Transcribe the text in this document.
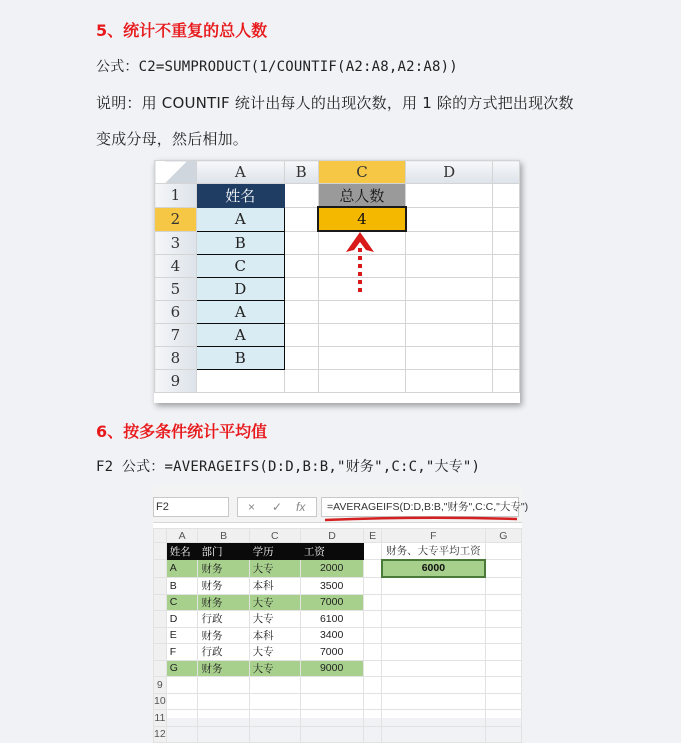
5、统计不重复的总人数
公式：C2=SUMPRODUCT(1/COUNTIF(A2:A8,A2:A8))
说明：用 COUNTIF 统计出每人的出现次数，用 1 除的方式把出现次数
变成分母，然后相加。
	A	B	C	D	
1	姓名		总人数		
2	A		4		
3	B				
4	C				
5	D				
6	A				
7	A				
8	B				
9					
6、按多条件统计平均值
F2 公式：=AVERAGEIFS(D:D,B:B,"财务",C:C,"大专")
F2	× ✓ fx	=AVERAGEIFS(D:D,B:B,"财务",C:C,"大专")
	A	B	C	D	E	F	G
	姓名	部门	学历	工资		财务、大专平均工资	
	A	财务	大专	2000		6000	
	B	财务	本科	3500			
	C	财务	大专	7000			
	D	行政	大专	6100			
	E	财务	本科	3400			
	F	行政	大专	7000			
	G	财务	大专	9000			
9							
10							
11							
12							
